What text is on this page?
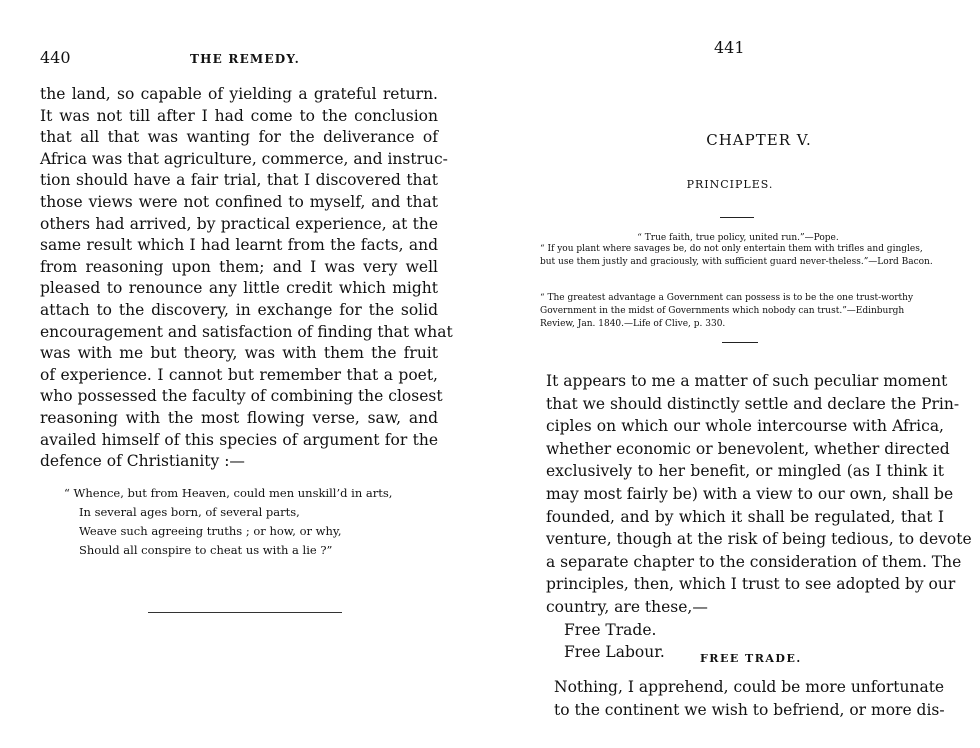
440	THE REMEDY.
the land, so capable of yielding a grateful return.
It was not till after I had come to the conclusion
that all that was wanting for the deliverance of
Africa was that agriculture, commerce, and instruc-
tion should have a fair trial, that I discovered that
those views were not confined to myself, and that
others had arrived, by practical experience, at the
same result which I had learnt from the facts, and
from reasoning upon them; and I was very well
pleased to renounce any little credit which might
attach to the discovery, in exchange for the solid
encouragement and satisfaction of finding that what
was with me but theory, was with them the fruit
of experience. I cannot but remember that a poet,
who possessed the faculty of combining the closest
reasoning with the most flowing verse, saw, and
availed himself of this species of argument for the
defence of Christianity :—
“ Whence, but from Heaven, could men unskill’d in arts,
In several ages born, of several parts,
Weave such agreeing truths ; or how, or why,
Should all conspire to cheat us with a lie ?”
441
CHAPTER V.
PRINCIPLES.
“ True faith, true policy, united run.”—Pope.
“ If you plant where savages be, do not only entertain them with trifles and gingles, but use them justly and graciously, with sufficient guard never-theless.”—Lord Bacon.
“ The greatest advantage a Government can possess is to be the one trust-worthy Government in the midst of Governments which nobody can trust.”—Edinburgh Review, Jan. 1840.—Life of Clive, p. 330.
It appears to me a matter of such peculiar moment
that we should distinctly settle and declare the Prin-
ciples on which our whole intercourse with Africa,
whether economic or benevolent, whether directed
exclusively to her benefit, or mingled (as I think it
may most fairly be) with a view to our own, shall be
founded, and by which it shall be regulated, that I
venture, though at the risk of being tedious, to devote
a separate chapter to the consideration of them. The
principles, then, which I trust to see adopted by our
country, are these,—
Free Trade.
Free Labour.	FREE TRADE.
Nothing, I apprehend, could be more unfortunate
to the continent we wish to befriend, or more dis-
